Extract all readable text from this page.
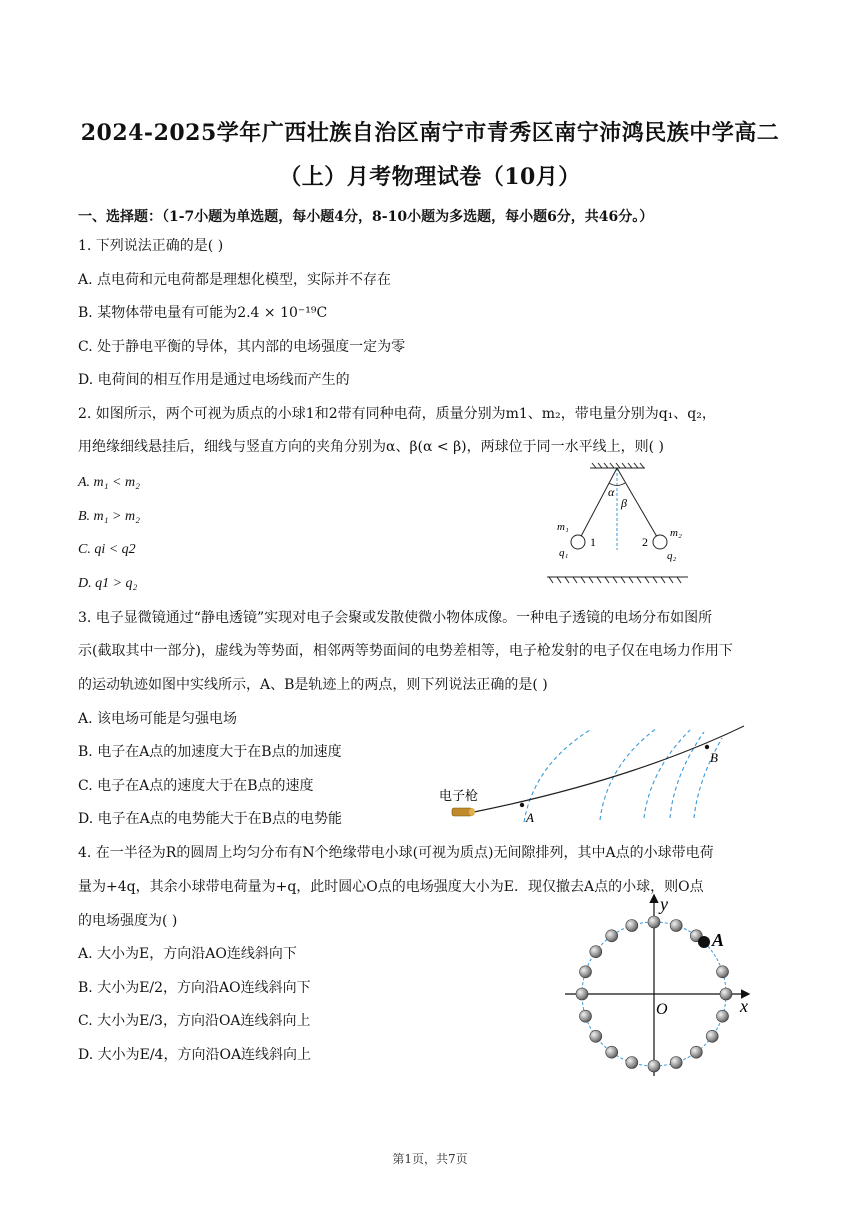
2024-2025学年广西壮族自治区南宁市青秀区南宁沛鸿民族中学高二
（上）月考物理试卷（10月）
一、选择题：（1-7小题为单选题，每小题4分，8-10小题为多选题，每小题6分，共46分。）
1. 下列说法正确的是( )
A. 点电荷和元电荷都是理想化模型，实际并不存在
B. 某物体带电量有可能为2.4 × 10⁻¹⁹C
C. 处于静电平衡的导体，其内部的电场强度一定为零
D. 电荷间的相互作用是通过电场线而产生的
2. 如图所示，两个可视为质点的小球1和2带有同种电荷，质量分别为m1、m₂，带电量分别为q₁、q₂，
用绝缘细线悬挂后，细线与竖直方向的夹角分别为α、β(α < β)，两球位于同一水平线上，则( )
A. m₁ < m₂
B. m₁ > m₂
C. qi < q2
D. q1 > q₂
α
β
m₁	m₂
q₁	q₂
1	2
3. 电子显微镜通过“静电透镜”实现对电子会聚或发散使微小物体成像。一种电子透镜的电场分布如图所
示(截取其中一部分)，虚线为等势面，相邻两等势面间的电势差相等，电子枪发射的电子仅在电场力作用下
的运动轨迹如图中实线所示，A、B是轨迹上的两点，则下列说法正确的是( )
A. 该电场可能是匀强电场
B. 电子在A点的加速度大于在B点的加速度
C. 电子在A点的速度大于在B点的速度
D. 电子在A点的电势能大于在B点的电势能	A
B
电子枪
4. 在一半径为R的圆周上均匀分布有N个绝缘带电小球(可视为质点)无间隙排列，其中A点的小球带电荷
量为+4q，其余小球带电荷量为+q，此时圆心O点的电场强度大小为E．现仅撤去A点的小球，则O点
的电场强度为( )
A. 大小为E，方向沿AO连线斜向下
B. 大小为E/2，方向沿AO连线斜向下
C. 大小为E/3，方向沿OA连线斜向上
D. 大小为E/4，方向沿OA连线斜向上
A
x
y
O
第1页，共7页
